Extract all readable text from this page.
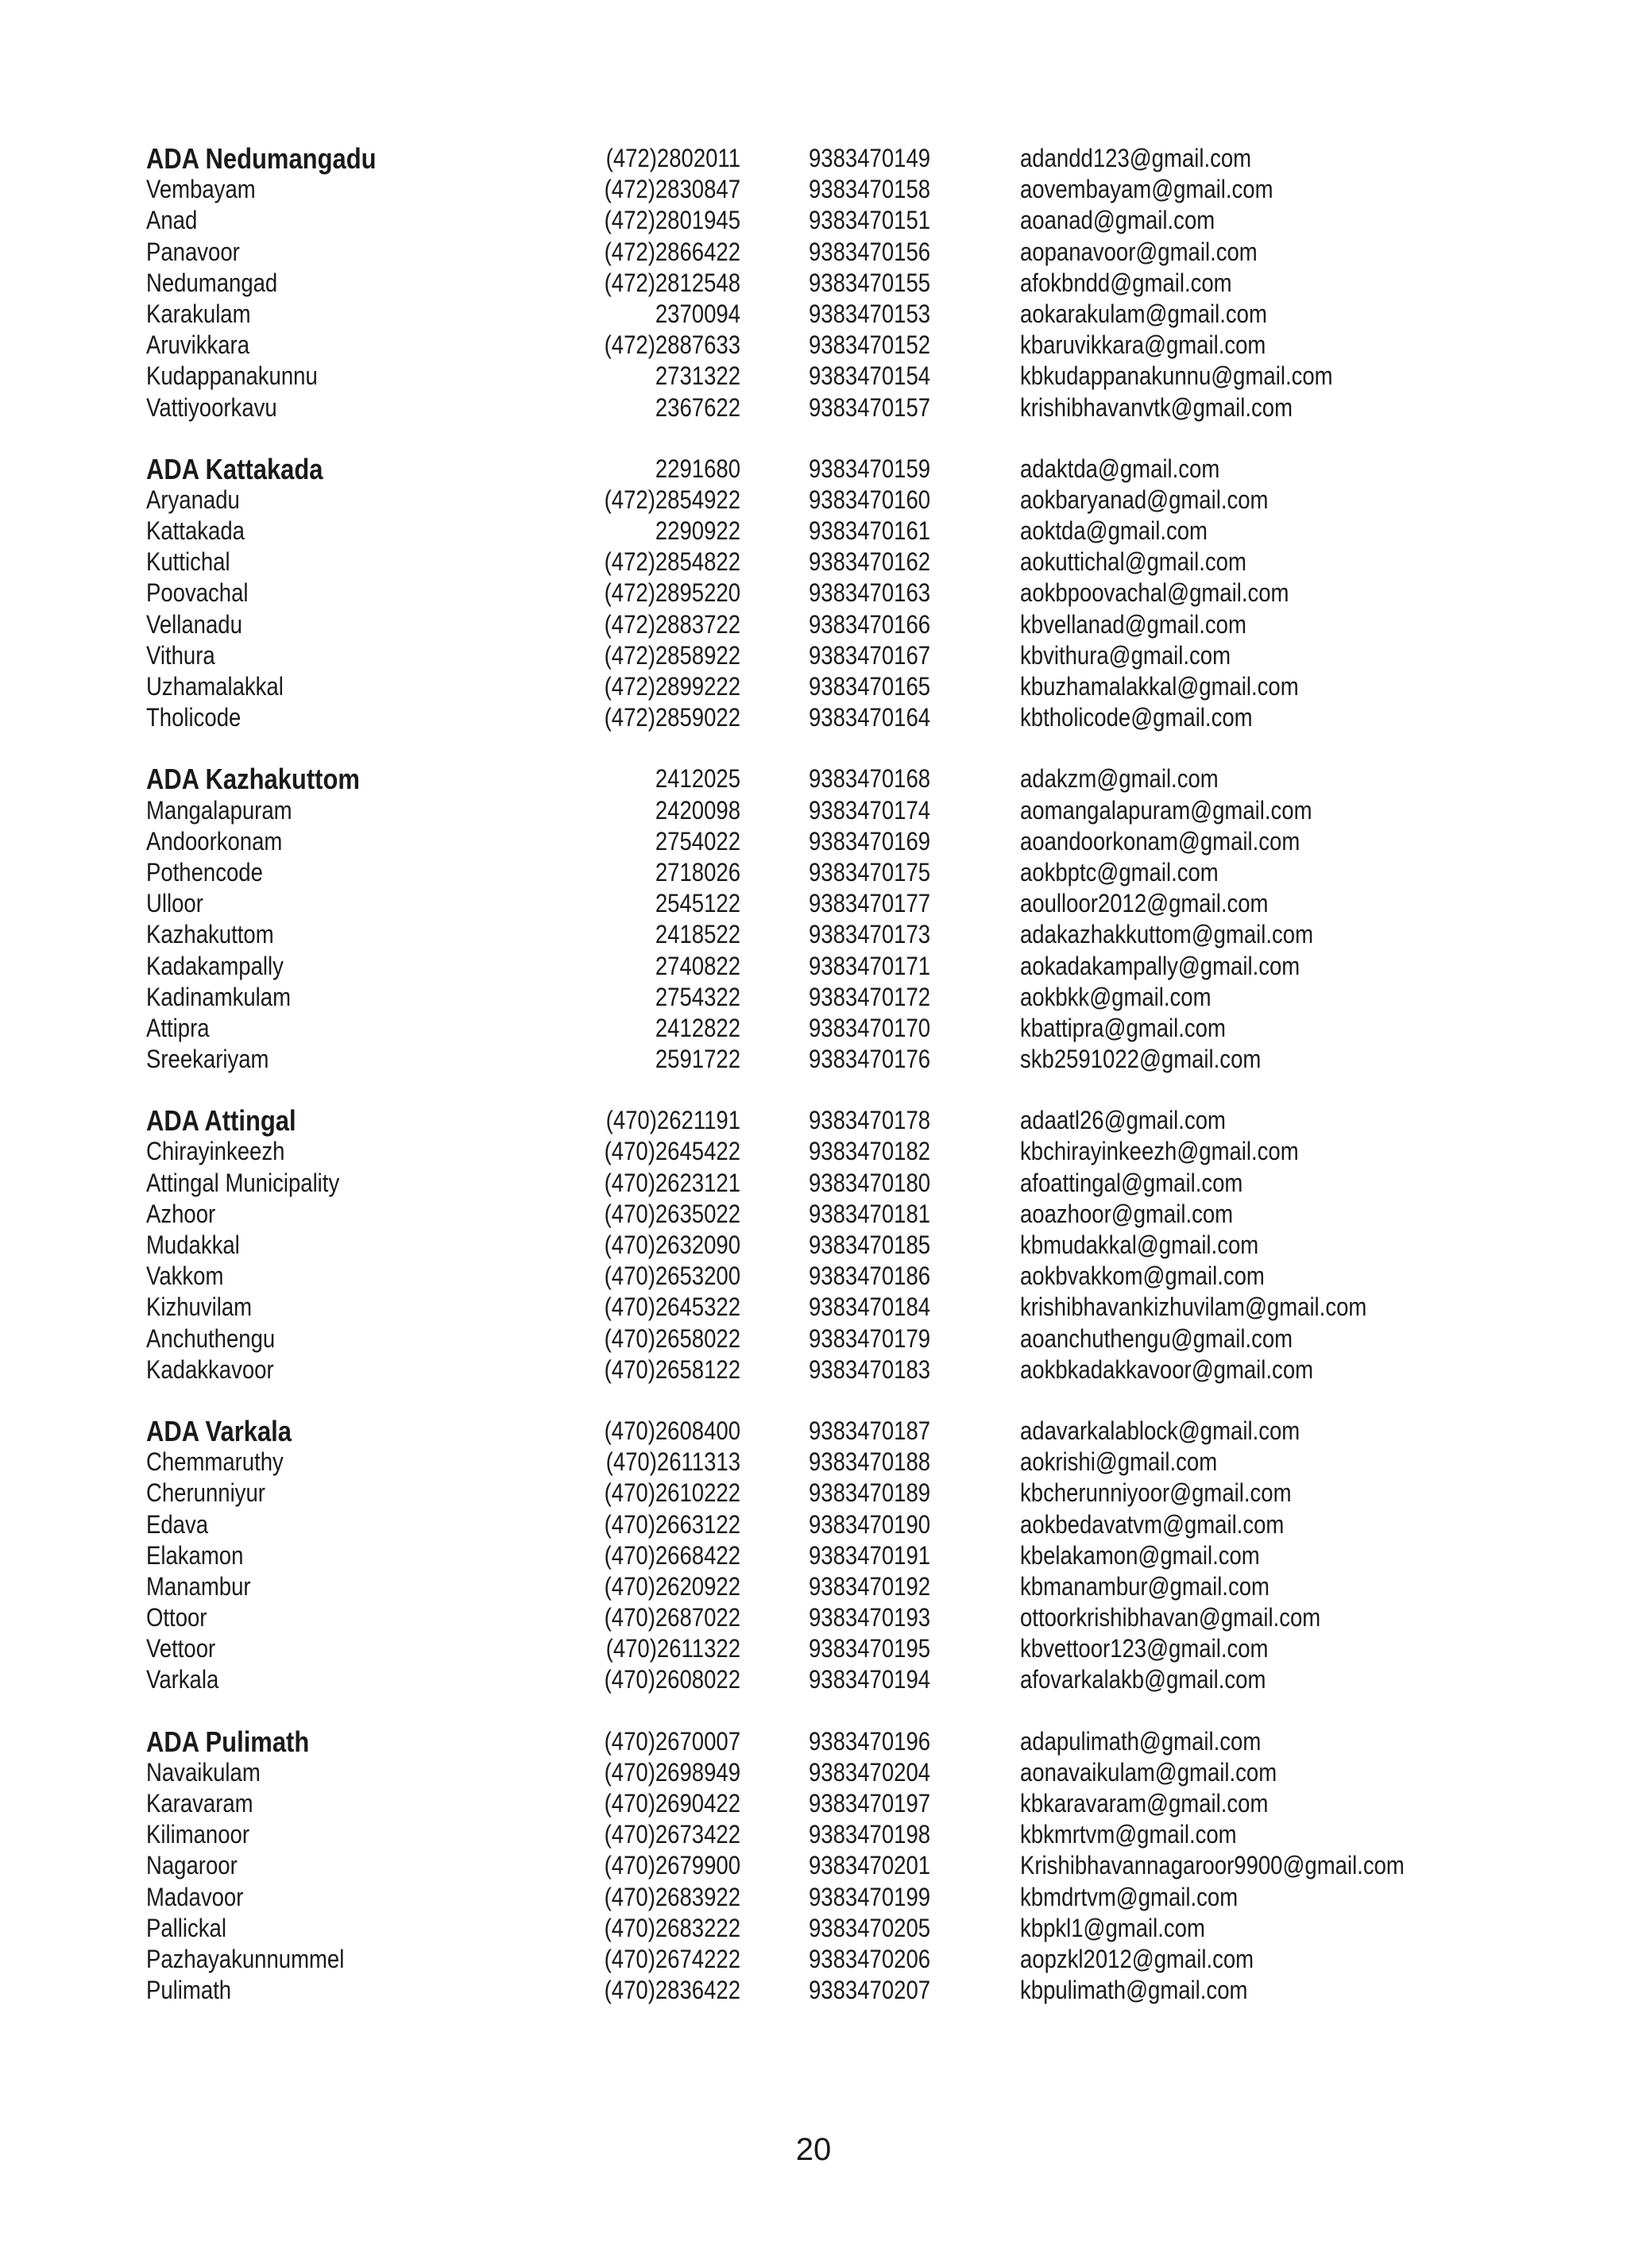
ADA Nedumangadu	(472)2802011	9383470149	adandd123@gmail.com
Vembayam	(472)2830847	9383470158	aovembayam@gmail.com
Anad	(472)2801945	9383470151	aoanad@gmail.com
Panavoor	(472)2866422	9383470156	aopanavoor@gmail.com
Nedumangad	(472)2812548	9383470155	afokbndd@gmail.com
Karakulam	2370094	9383470153	aokarakulam@gmail.com
Aruvikkara	(472)2887633	9383470152	kbaruvikkara@gmail.com
Kudappanakunnu	2731322	9383470154	kbkudappanakunnu@gmail.com
Vattiyoorkavu	2367622	9383470157	krishibhavanvtk@gmail.com
ADA Kattakada	2291680	9383470159	adaktda@gmail.com
Aryanadu	(472)2854922	9383470160	aokbaryanad@gmail.com
Kattakada	2290922	9383470161	aoktda@gmail.com
Kuttichal	(472)2854822	9383470162	aokuttichal@gmail.com
Poovachal	(472)2895220	9383470163	aokbpoovachal@gmail.com
Vellanadu	(472)2883722	9383470166	kbvellanad@gmail.com
Vithura	(472)2858922	9383470167	kbvithura@gmail.com
Uzhamalakkal	(472)2899222	9383470165	kbuzhamalakkal@gmail.com
Tholicode	(472)2859022	9383470164	kbtholicode@gmail.com
ADA Kazhakuttom	2412025	9383470168	adakzm@gmail.com
Mangalapuram	2420098	9383470174	aomangalapuram@gmail.com
Andoorkonam	2754022	9383470169	aoandoorkonam@gmail.com
Pothencode	2718026	9383470175	aokbptc@gmail.com
Ulloor	2545122	9383470177	aoulloor2012@gmail.com
Kazhakuttom	2418522	9383470173	adakazhakkuttom@gmail.com
Kadakampally	2740822	9383470171	aokadakampally@gmail.com
Kadinamkulam	2754322	9383470172	aokbkk@gmail.com
Attipra	2412822	9383470170	kbattipra@gmail.com
Sreekariyam	2591722	9383470176	skb2591022@gmail.com
ADA Attingal	(470)2621191	9383470178	adaatl26@gmail.com
Chirayinkeezh	(470)2645422	9383470182	kbchirayinkeezh@gmail.com
Attingal Municipality	(470)2623121	9383470180	afoattingal@gmail.com
Azhoor	(470)2635022	9383470181	aoazhoor@gmail.com
Mudakkal	(470)2632090	9383470185	kbmudakkal@gmail.com
Vakkom	(470)2653200	9383470186	aokbvakkom@gmail.com
Kizhuvilam	(470)2645322	9383470184	krishibhavankizhuvilam@gmail.com
Anchuthengu	(470)2658022	9383470179	aoanchuthengu@gmail.com
Kadakkavoor	(470)2658122	9383470183	aokbkadakkavoor@gmail.com
ADA Varkala	(470)2608400	9383470187	adavarkalablock@gmail.com
Chemmaruthy	(470)2611313	9383470188	aokrishi@gmail.com
Cherunniyur	(470)2610222	9383470189	kbcherunniyoor@gmail.com
Edava	(470)2663122	9383470190	aokbedavatvm@gmail.com
Elakamon	(470)2668422	9383470191	kbelakamon@gmail.com
Manambur	(470)2620922	9383470192	kbmanambur@gmail.com
Ottoor	(470)2687022	9383470193	ottoorkrishibhavan@gmail.com
Vettoor	(470)2611322	9383470195	kbvettoor123@gmail.com
Varkala	(470)2608022	9383470194	afovarkalakb@gmail.com
ADA Pulimath	(470)2670007	9383470196	adapulimath@gmail.com
Navaikulam	(470)2698949	9383470204	aonavaikulam@gmail.com
Karavaram	(470)2690422	9383470197	kbkaravaram@gmail.com
Kilimanoor	(470)2673422	9383470198	kbkmrtvm@gmail.com
Nagaroor	(470)2679900	9383470201	Krishibhavannagaroor9900@gmail.com
Madavoor	(470)2683922	9383470199	kbmdrtvm@gmail.com
Pallickal	(470)2683222	9383470205	kbpkl1@gmail.com
Pazhayakunnummel	(470)2674222	9383470206	aopzkl2012@gmail.com
Pulimath	(470)2836422	9383470207	kbpulimath@gmail.com
20
